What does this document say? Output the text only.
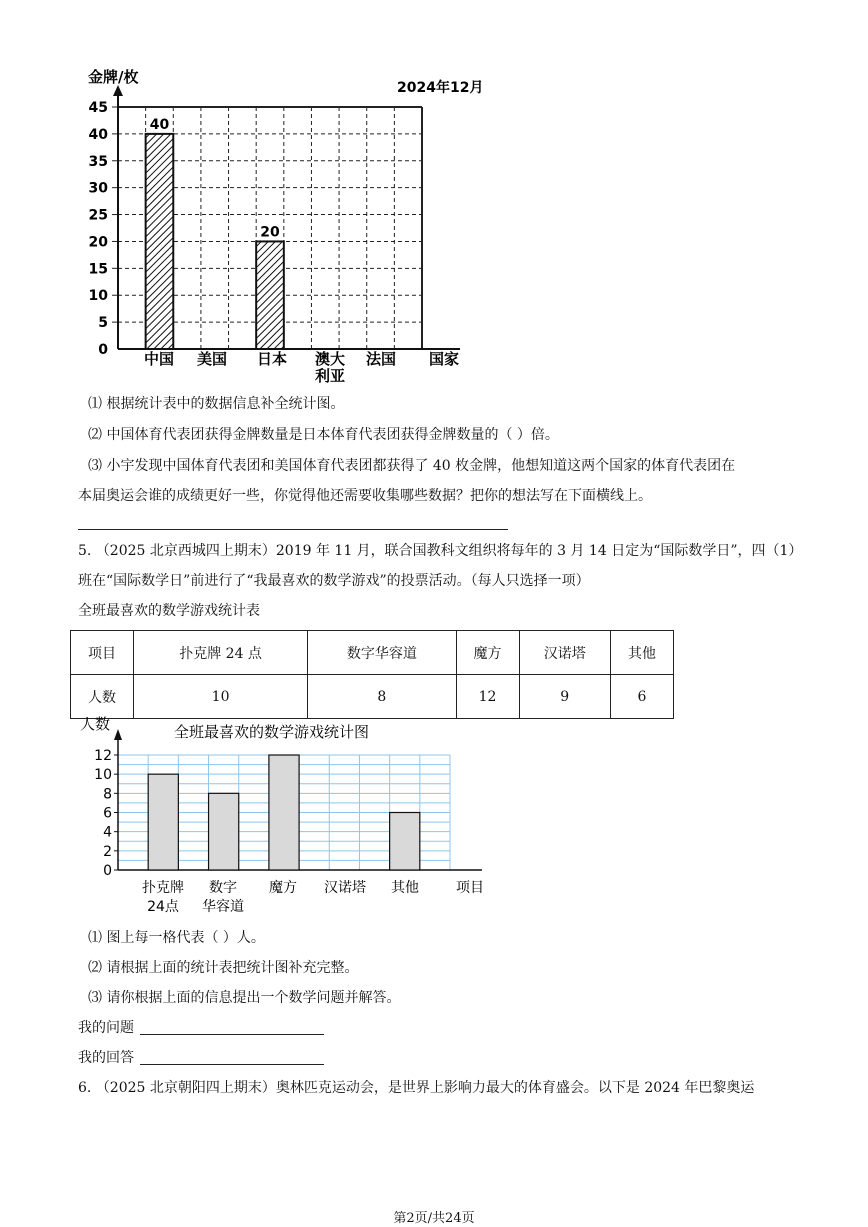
0
5
10
15
20
25
30
35
40
45
40
20
中国 美国 日本 澳大 法国
利亚
金牌/枚
2024年12月
国家
⑴ 根据统计表中的数据信息补全统计图。
⑵ 中国体育代表团获得金牌数量是日本体育代表团获得金牌数量的（ ）倍。
⑶ 小宇发现中国体育代表团和美国体育代表团都获得了 40 枚金牌，他想知道这两个国家的体育代表团在
本届奥运会谁的成绩更好一些，你觉得他还需要收集哪些数据？把你的想法写在下面横线上。
5. （2025 北京西城四上期末）2019 年 11 月，联合国教科文组织将每年的 3 月 14 日定为“国际数学日”，四（1）
班在“国际数学日”前进行了“我最喜欢的数学游戏”的投票活动。（每人只选择一项）
全班最喜欢的数学游戏统计表
项目	扑克牌 24 点	数字华容道	魔方	汉诺塔	其他
人数	10	8	12	9	6
0
2
4
6
8
10
12
扑克牌 数字 魔方 汉诺塔 其他
24点 华容道
人数	全班最喜欢的数学游戏统计图
项目
⑴ 图上每一格代表（ ）人。
⑵ 请根据上面的统计表把统计图补充完整。
⑶ 请你根据上面的信息提出一个数学问题并解答。
我的问题
我的回答
6. （2025 北京朝阳四上期末）奥林匹克运动会，是世界上影响力最大的体育盛会。以下是 2024 年巴黎奥运
第2页/共24页
